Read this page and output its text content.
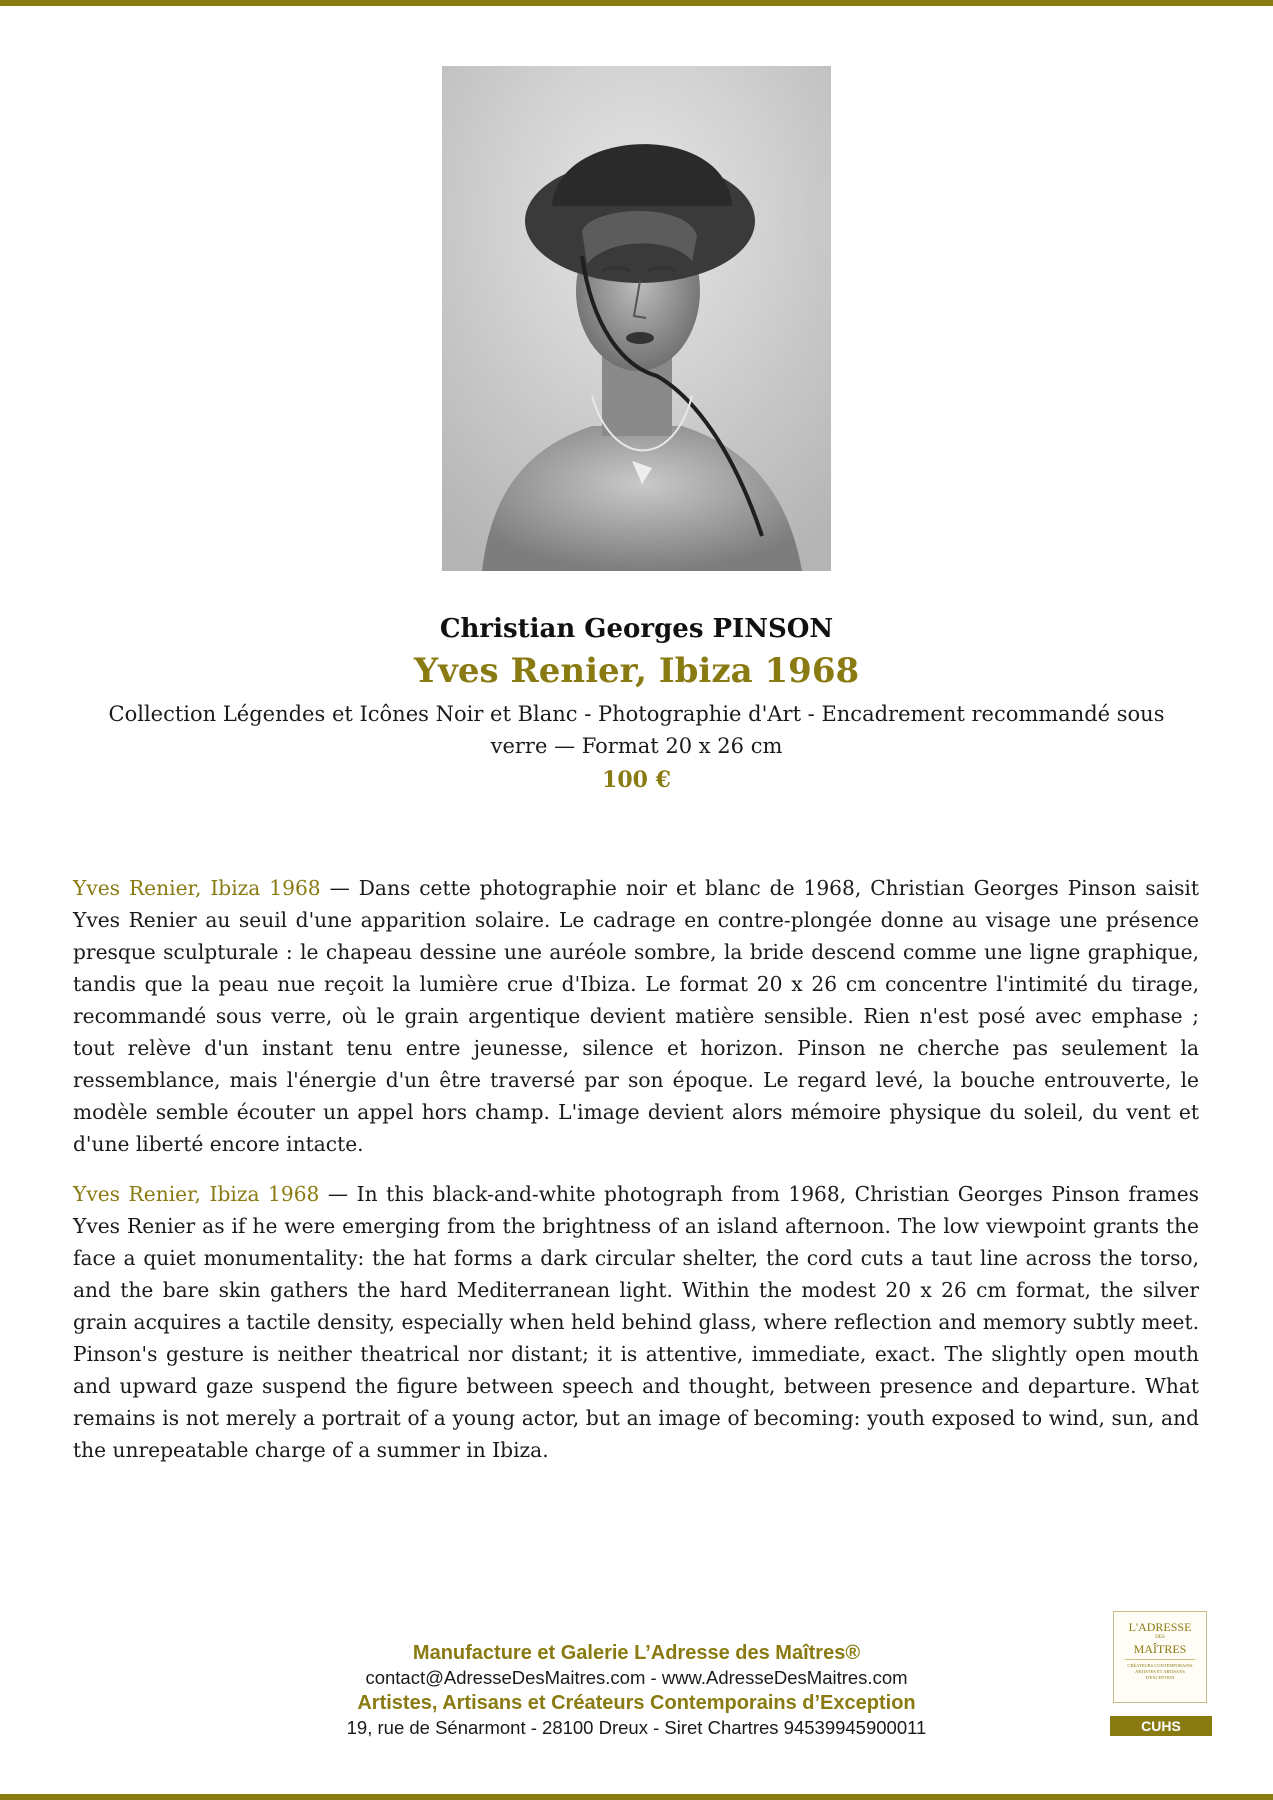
Christian Georges PINSON
Yves Renier, Ibiza 1968
Collection Légendes et Icônes Noir et Blanc - Photographie d'Art - Encadrement recommandé sous verre — Format 20 x 26 cm
100 €

Yves Renier, Ibiza 1968 — Dans cette photographie noir et blanc de 1968, Christian Georges Pinson saisit Yves Renier au seuil d'une apparition solaire. Le cadrage en contre-plongée donne au visage une présence presque sculpturale : le chapeau dessine une auréole sombre, la bride descend comme une ligne graphique, tandis que la peau nue reçoit la lumière crue d'Ibiza. Le format 20 x 26 cm concentre l'intimité du tirage, recommandé sous verre, où le grain argentique devient matière sensible. Rien n'est posé avec emphase ; tout relève d'un instant tenu entre jeunesse, silence et horizon. Pinson ne cherche pas seulement la ressemblance, mais l'énergie d'un être traversé par son époque. Le regard levé, la bouche entrouverte, le modèle semble écouter un appel hors champ. L'image devient alors mémoire physique du soleil, du vent et d'une liberté encore intacte.

Yves Renier, Ibiza 1968 — In this black-and-white photograph from 1968, Christian Georges Pinson frames Yves Renier as if he were emerging from the brightness of an island afternoon. The low viewpoint grants the face a quiet monumentality: the hat forms a dark circular shelter, the cord cuts a taut line across the torso, and the bare skin gathers the hard Mediterranean light. Within the modest 20 x 26 cm format, the silver grain acquires a tactile density, especially when held behind glass, where reflection and memory subtly meet. Pinson's gesture is neither theatrical nor distant; it is attentive, immediate, exact. The slightly open mouth and upward gaze suspend the figure between speech and thought, between presence and departure. What remains is not merely a portrait of a young actor, but an image of becoming: youth exposed to wind, sun, and the unrepeatable charge of a summer in Ibiza.

Manufacture et Galerie L’Adresse des Maîtres®
contact@AdresseDesMaitres.com - www.AdresseDesMaitres.com
Artistes, Artisans et Créateurs Contemporains d’Exception
19, rue de Sénarmont - 28100 Dreux - Siret Chartres 94539945900011
L'ADRESSE
DES
MAÎTRES
CRÉATEURS CONTEMPORAINS ARTISTES ET ARTISANS D'EXCEPTION
CUHS
